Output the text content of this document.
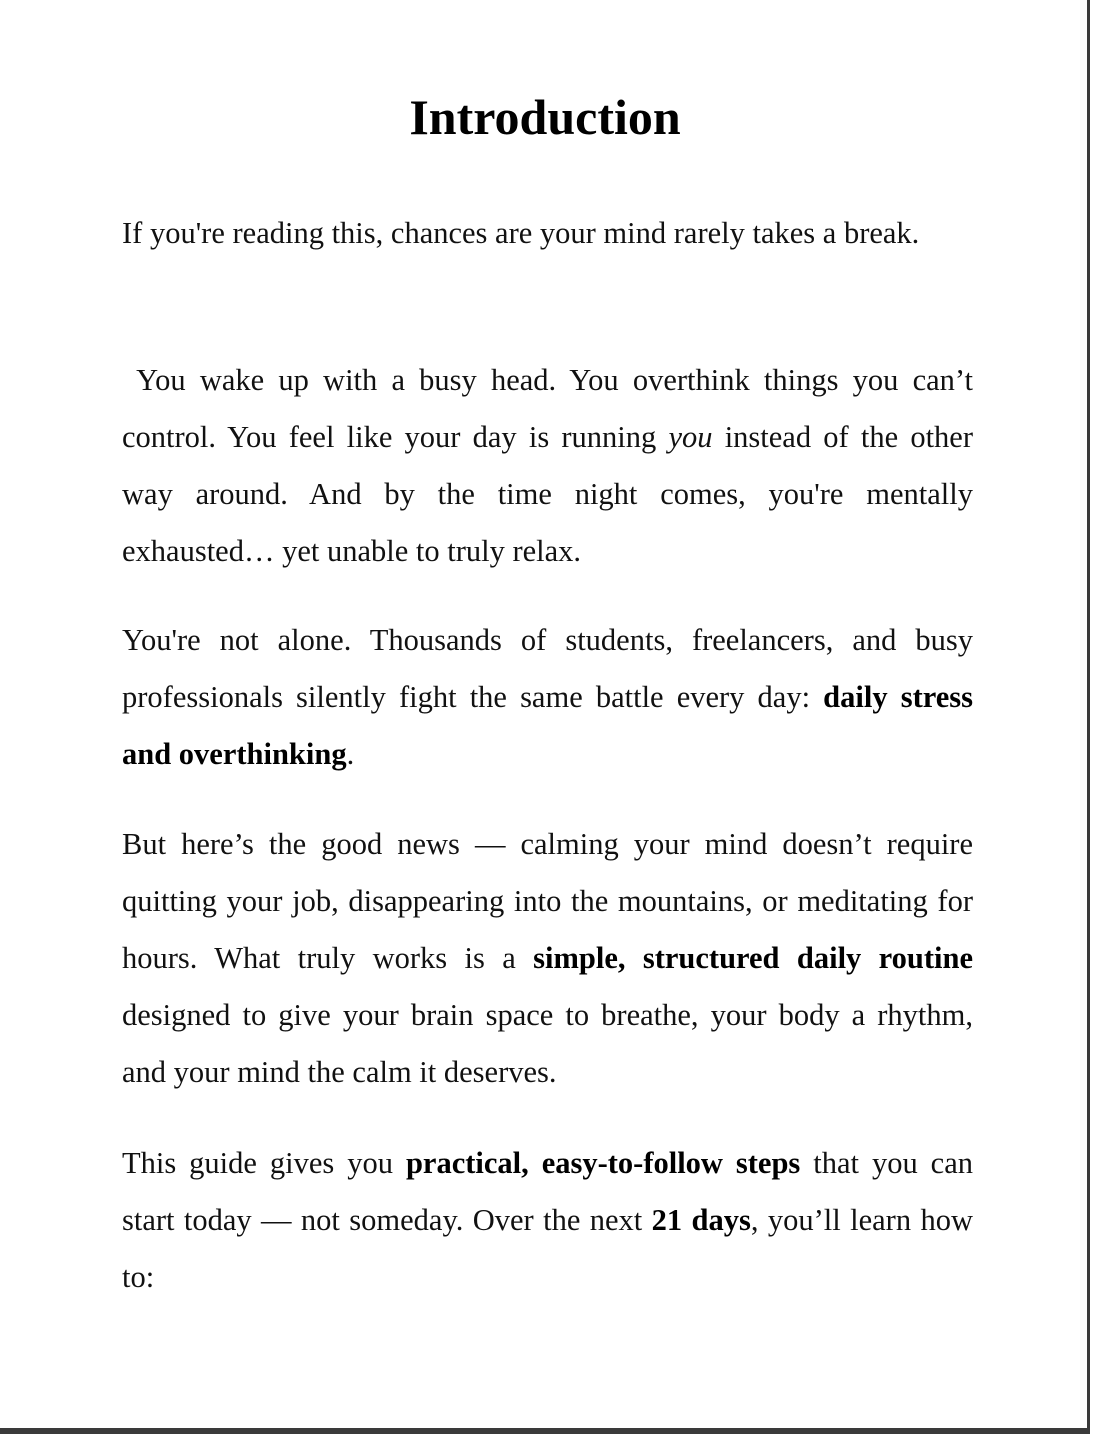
Introduction

If you're reading this, chances are your mind rarely takes a break.

You wake up with a busy head. You overthink things you can’t control. You feel like your day is running you instead of the other way around. And by the time night comes, you're mentally exhausted… yet unable to truly relax.

You're not alone. Thousands of students, freelancers, and busy professionals silently fight the same battle every day: daily stress and overthinking.

But here’s the good news — calming your mind doesn’t require quitting your job, disappearing into the mountains, or meditating for hours. What truly works is a simple, structured daily routine designed to give your brain space to breathe, your body a rhythm, and your mind the calm it deserves.

This guide gives you practical, easy-to-follow steps that you can start today — not someday. Over the next 21 days, you’ll learn how to:
